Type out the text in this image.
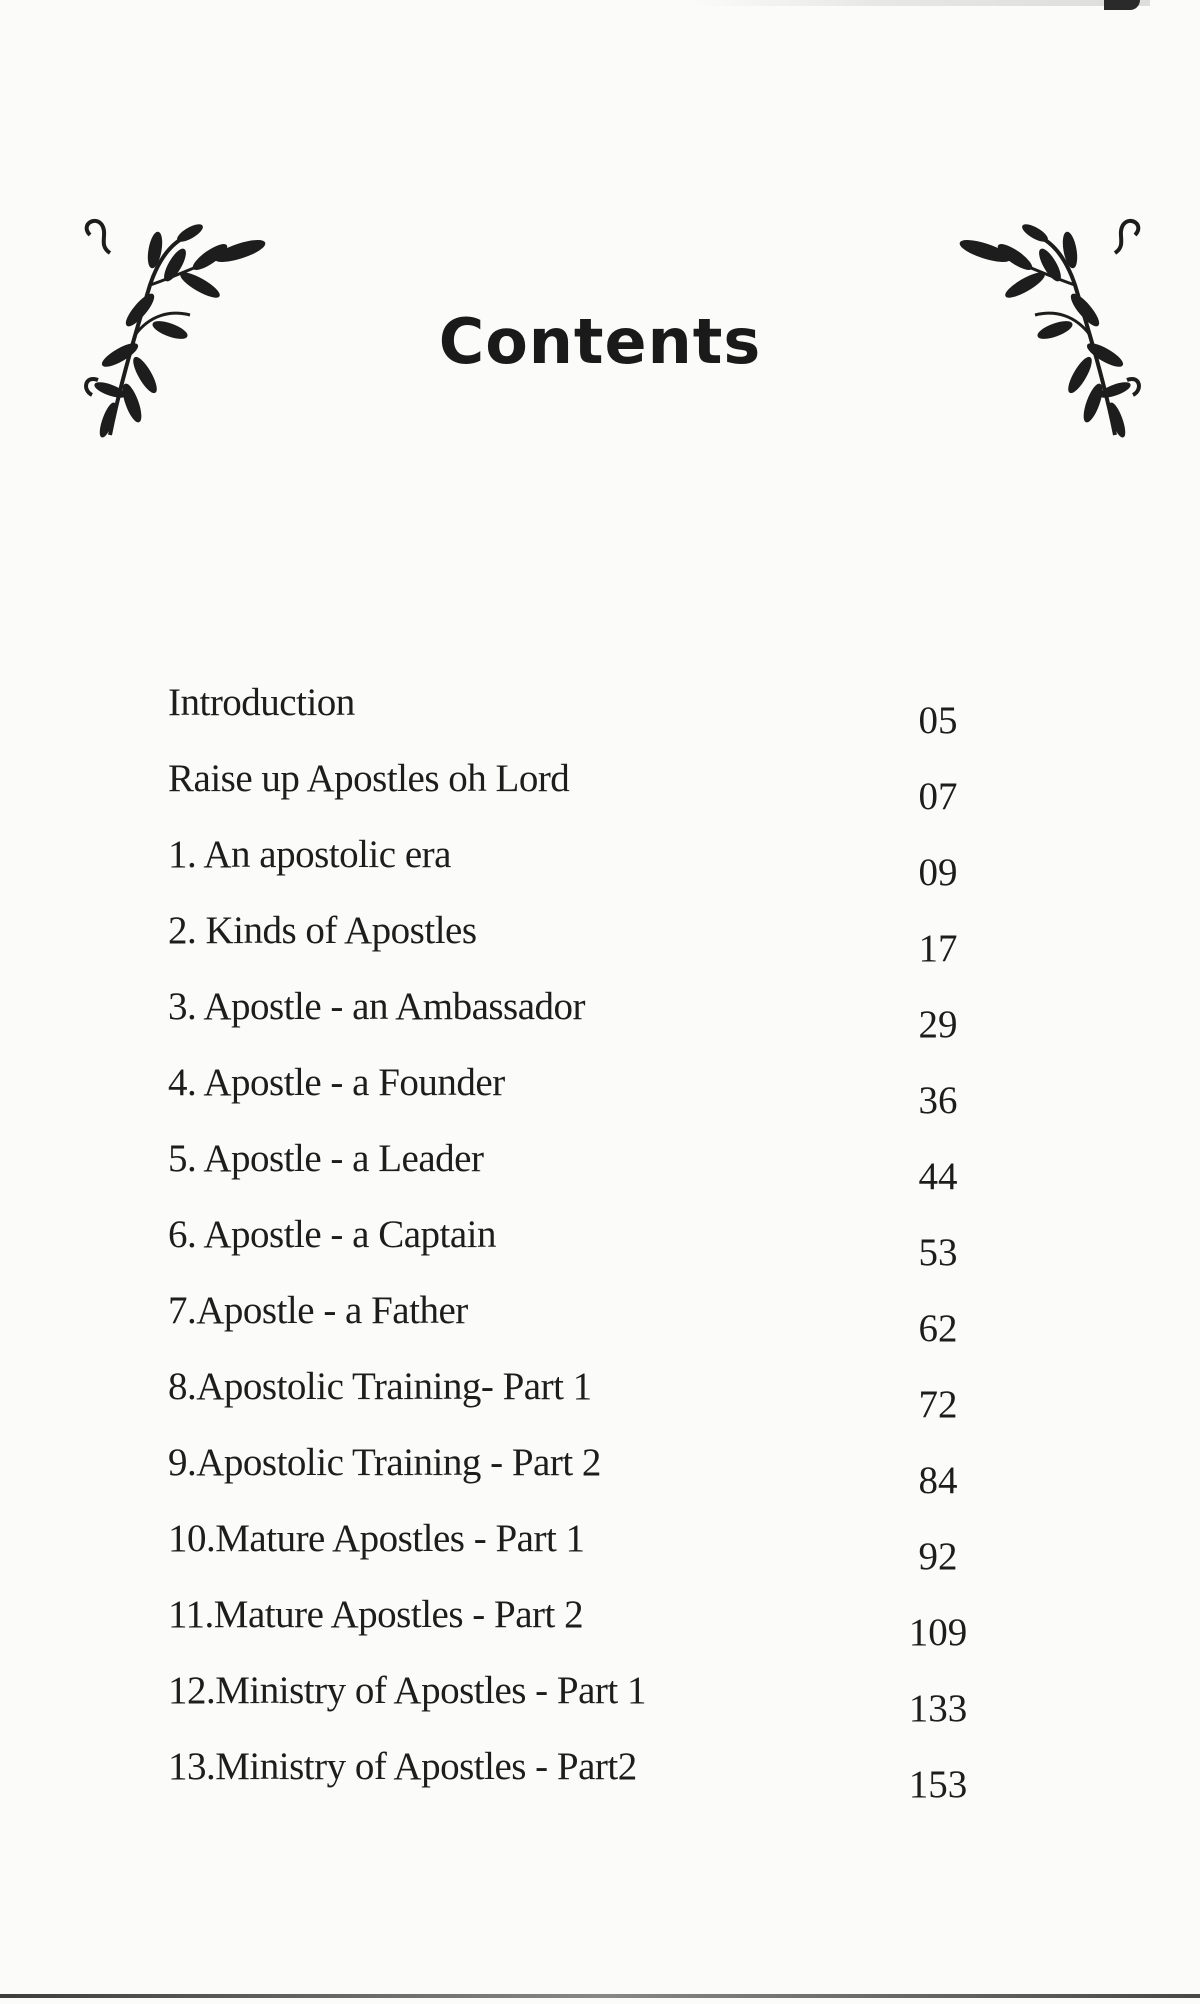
Contents
Introduction	05
Raise up Apostles oh Lord	07
1. An apostolic era	09
2. Kinds of Apostles	17
3. Apostle - an Ambassador	29
4. Apostle - a Founder	36
5. Apostle - a Leader	44
6. Apostle - a Captain	53
7.Apostle - a Father	62
8.Apostolic Training- Part 1	72
9.Apostolic Training - Part 2	84
10.Mature Apostles - Part 1	92
11.Mature Apostles - Part 2	109
12.Ministry of Apostles - Part 1	133
13.Ministry of Apostles - Part2	153
